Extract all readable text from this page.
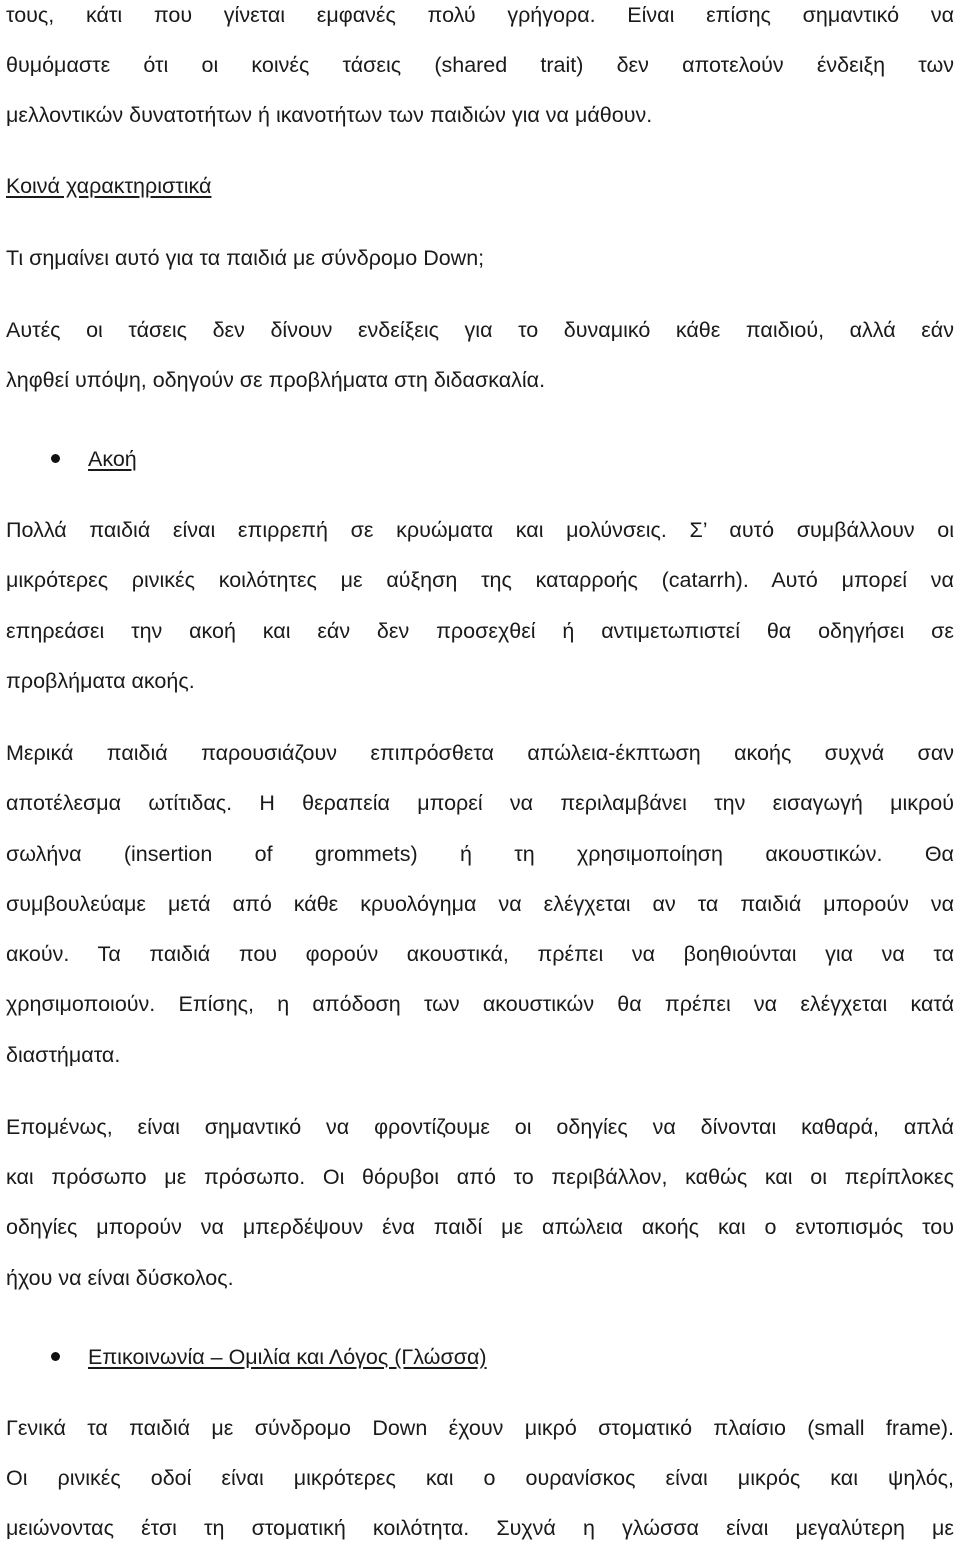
τους, κάτι που γίνεται εμφανές πολύ γρήγορα. Είναι επίσης σημαντικό να
θυμόμαστε ότι οι κοινές τάσεις (shared trait) δεν αποτελούν ένδειξη των
μελλοντικών δυνατοτήτων ή ικανοτήτων των παιδιών για να μάθουν.
Κοινά χαρακτηριστικά
Τι σημαίνει αυτό για τα παιδιά με σύνδρομο Down;
Αυτές οι τάσεις δεν δίνουν ενδείξεις για το δυναμικό κάθε παιδιού, αλλά εάν
ληφθεί υπόψη, οδηγούν σε προβλήματα στη διδασκαλία.
Ακοή
Πολλά παιδιά είναι επιρρεπή σε κρυώματα και μολύνσεις. Σ’ αυτό συμβάλλουν οι
μικρότερες ρινικές κοιλότητες με αύξηση της καταρροής (catarrh). Αυτό μπορεί να
επηρεάσει την ακοή και εάν δεν προσεχθεί ή αντιμετωπιστεί θα οδηγήσει σε
προβλήματα ακοής.
Μερικά παιδιά παρουσιάζουν επιπρόσθετα απώλεια-έκπτωση ακοής συχνά σαν
αποτέλεσμα ωτίτιδας. Η θεραπεία μπορεί να περιλαμβάνει την εισαγωγή μικρού
σωλήνα (insertion of grommets) ή τη χρησιμοποίηση ακουστικών. Θα
συμβουλεύαμε μετά από κάθε κρυολόγημα να ελέγχεται αν τα παιδιά μπορούν να
ακούν. Τα παιδιά που φορούν ακουστικά, πρέπει να βοηθιούνται για να τα
χρησιμοποιούν. Επίσης, η απόδοση των ακουστικών θα πρέπει να ελέγχεται κατά
διαστήματα.
Επομένως, είναι σημαντικό να φροντίζουμε οι οδηγίες να δίνονται καθαρά, απλά
και πρόσωπο με πρόσωπο. Οι θόρυβοι από το περιβάλλον, καθώς και οι περίπλοκες
οδηγίες μπορούν να μπερδέψουν ένα παιδί με απώλεια ακοής και ο εντοπισμός του
ήχου να είναι δύσκολος.
Επικοινωνία – Ομιλία και Λόγος (Γλώσσα)
Γενικά τα παιδιά με σύνδρομο Down έχουν μικρό στοματικό πλαίσιο (small frame).
Οι ρινικές οδοί είναι μικρότερες και ο ουρανίσκος είναι μικρός και ψηλός,
μειώνοντας έτσι τη στοματική κοιλότητα. Συχνά η γλώσσα είναι μεγαλύτερη με
